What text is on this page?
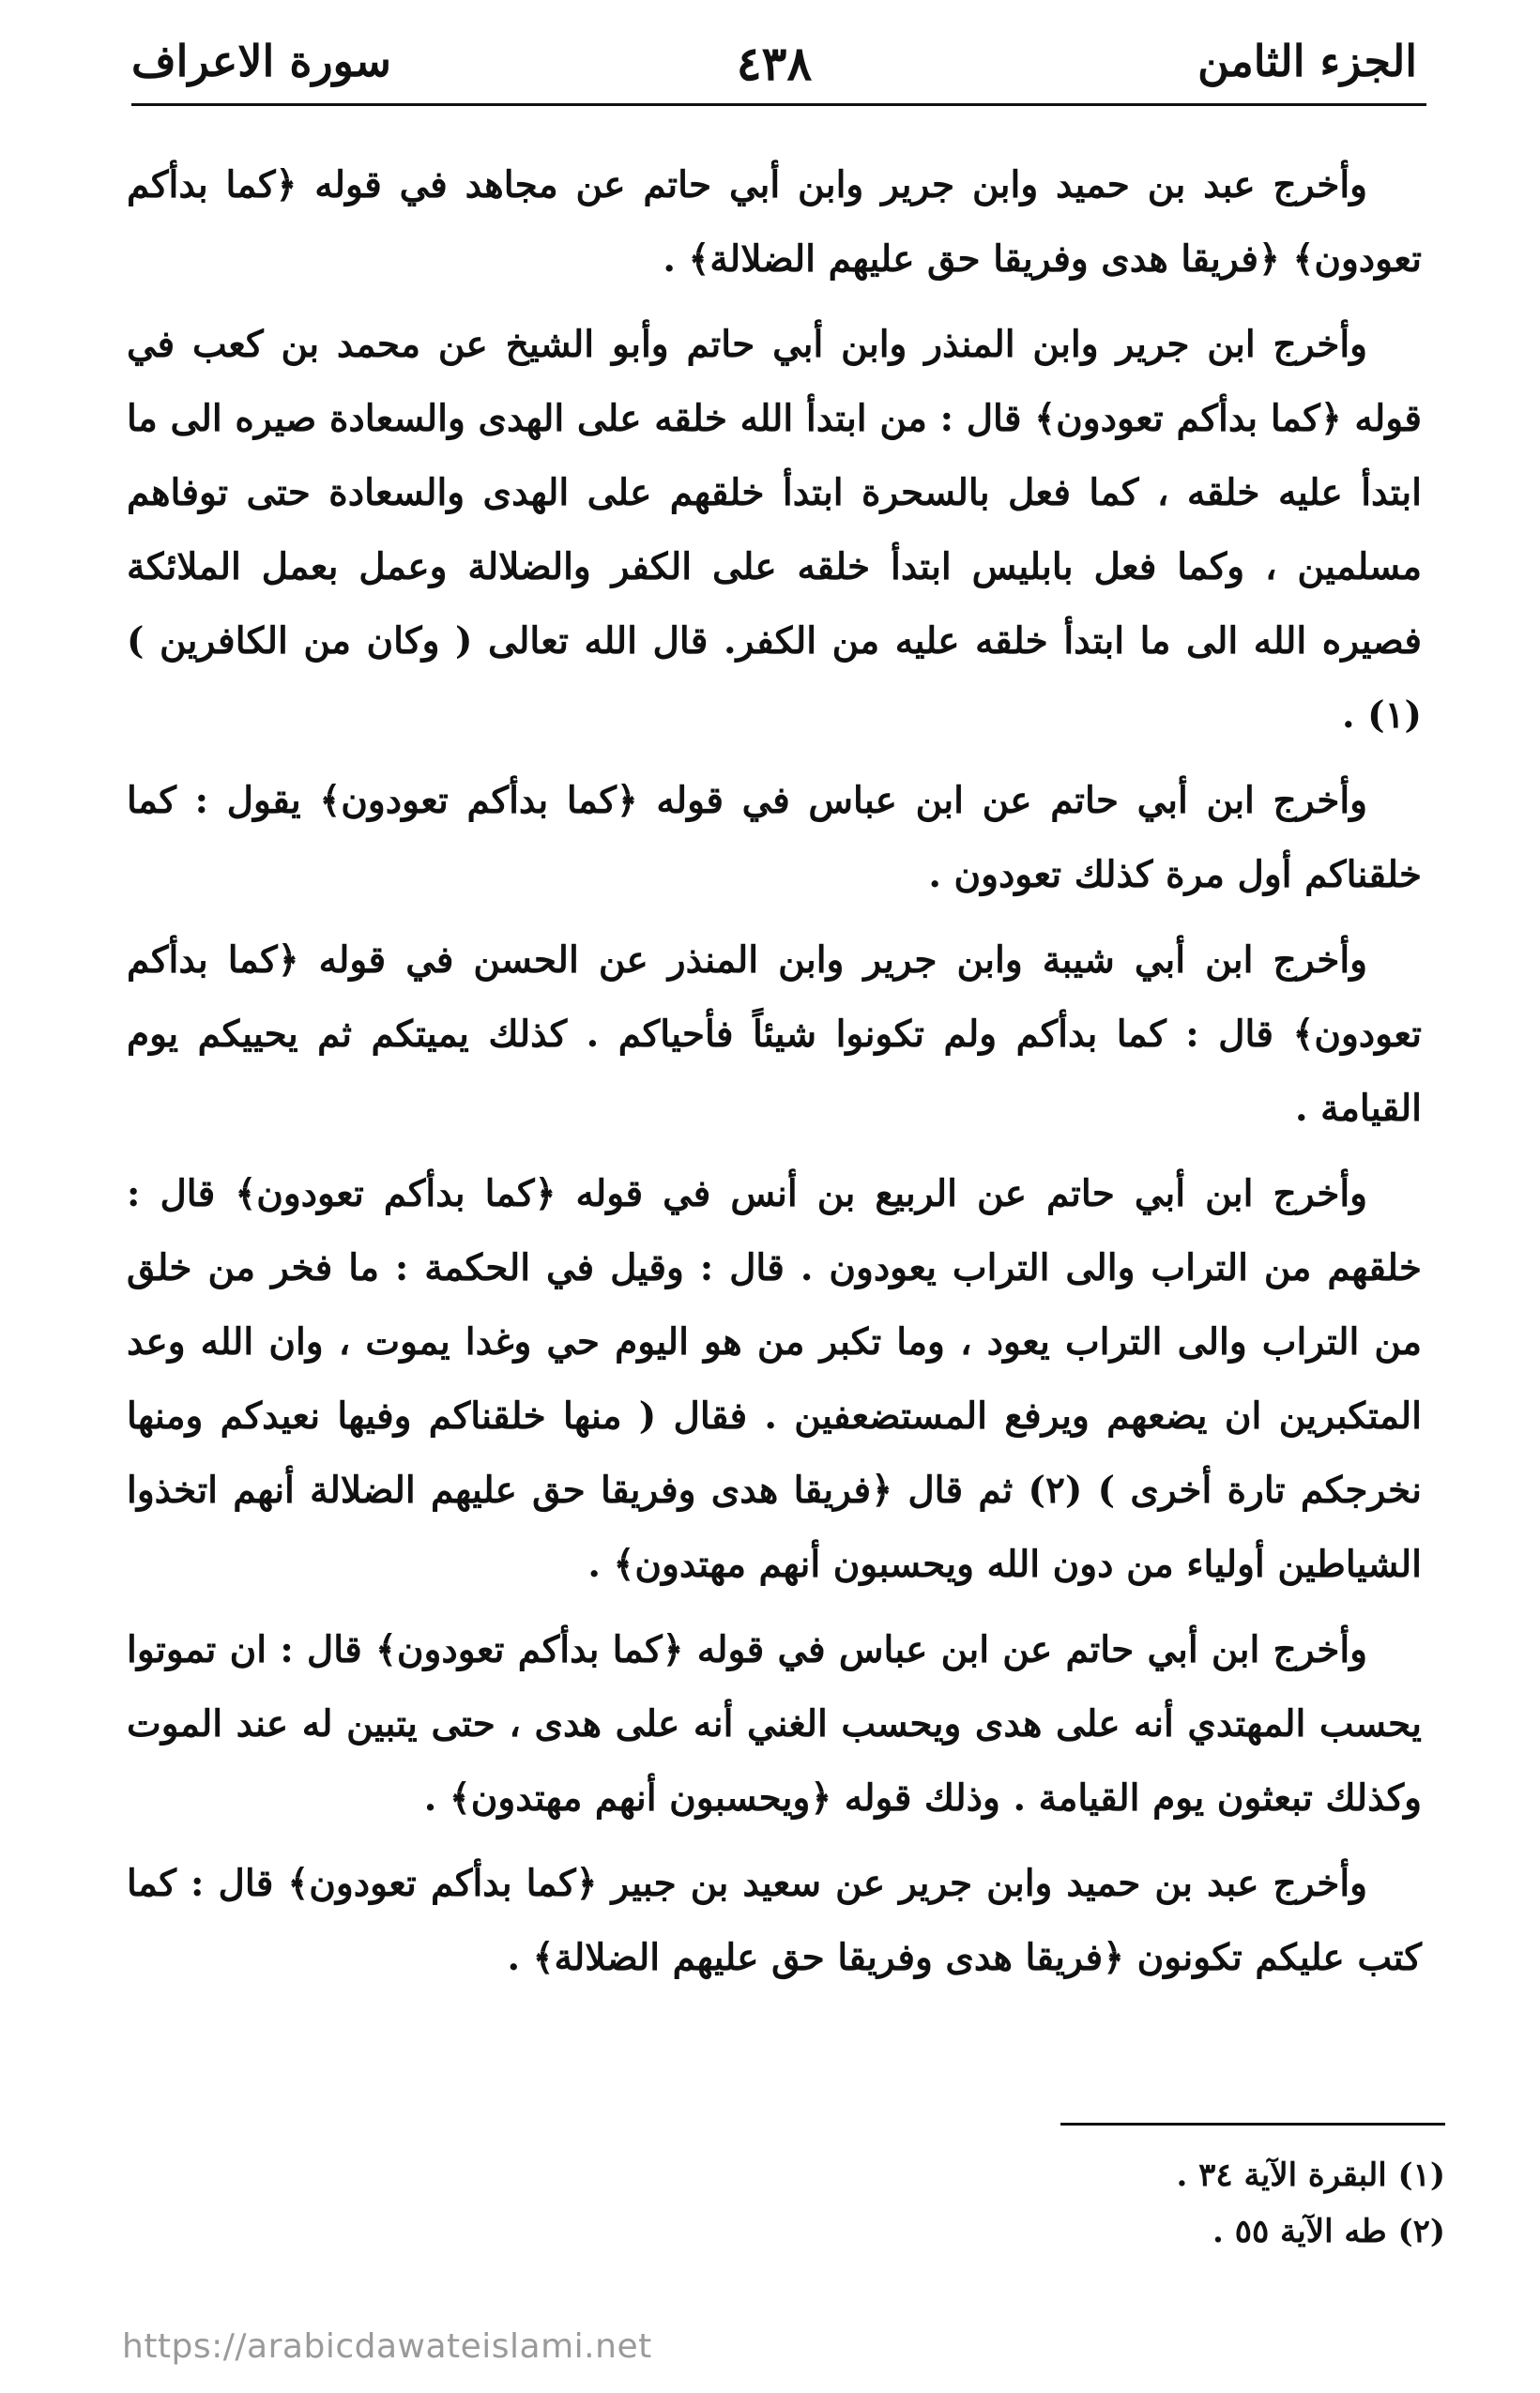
الجزء الثامن
٤٣٨
سورة الاعراف

وأخرج عبد بن حميد وابن جرير وابن أبي حاتم عن مجاهد في قوله ﴿كما بدأكم تعودون﴾ ﴿فريقا هدى وفريقا حق عليهم الضلالة﴾ .

وأخرج ابن جرير وابن المنذر وابن أبي حاتم وأبو الشيخ عن محمد بن كعب في قوله ﴿كما بدأكم تعودون﴾ قال : من ابتدأ الله خلقه على الهدى والسعادة صيره الى ما ابتدأ عليه خلقه ، كما فعل بالسحرة ابتدأ خلقهم على الهدى والسعادة حتى توفاهم مسلمين ، وكما فعل بابليس ابتدأ خلقه على الكفر والضلالة وعمل بعمل الملائكة فصيره الله الى ما ابتدأ خلقه عليه من الكفر. قال الله تعالى ( وكان من الكافرين ) (١) .

وأخرج ابن أبي حاتم عن ابن عباس في قوله ﴿كما بدأكم تعودون﴾ يقول : كما خلقناكم أول مرة كذلك تعودون .

وأخرج ابن أبي شيبة وابن جرير وابن المنذر عن الحسن في قوله ﴿كما بدأكم تعودون﴾ قال : كما بدأكم ولم تكونوا شيئاً فأحياكم . كذلك يميتكم ثم يحييكم يوم القيامة .

وأخرج ابن أبي حاتم عن الربيع بن أنس في قوله ﴿كما بدأكم تعودون﴾ قال : خلقهم من التراب والى التراب يعودون . قال : وقيل في الحكمة : ما فخر من خلق من التراب والى التراب يعود ، وما تكبر من هو اليوم حي وغدا يموت ، وان الله وعد المتكبرين ان يضعهم ويرفع المستضعفين . فقال ( منها خلقناكم وفيها نعيدكم ومنها نخرجكم تارة أخرى ) (٢) ثم قال ﴿فريقا هدى وفريقا حق عليهم الضلالة أنهم اتخذوا الشياطين أولياء من دون الله ويحسبون أنهم مهتدون﴾ .

وأخرج ابن أبي حاتم عن ابن عباس في قوله ﴿كما بدأكم تعودون﴾ قال : ان تموتوا يحسب المهتدي أنه على هدى ويحسب الغني أنه على هدى ، حتى يتبين له عند الموت وكذلك تبعثون يوم القيامة . وذلك قوله ﴿ويحسبون أنهم مهتدون﴾ .

وأخرج عبد بن حميد وابن جرير عن سعيد بن جبير ﴿كما بدأكم تعودون﴾ قال : كما كتب عليكم تكونون ﴿فريقا هدى وفريقا حق عليهم الضلالة﴾ .

(١) البقرة الآية ٣٤ .

(٢) طه الآية ٥٥ .

https://arabicdawateislami.net
